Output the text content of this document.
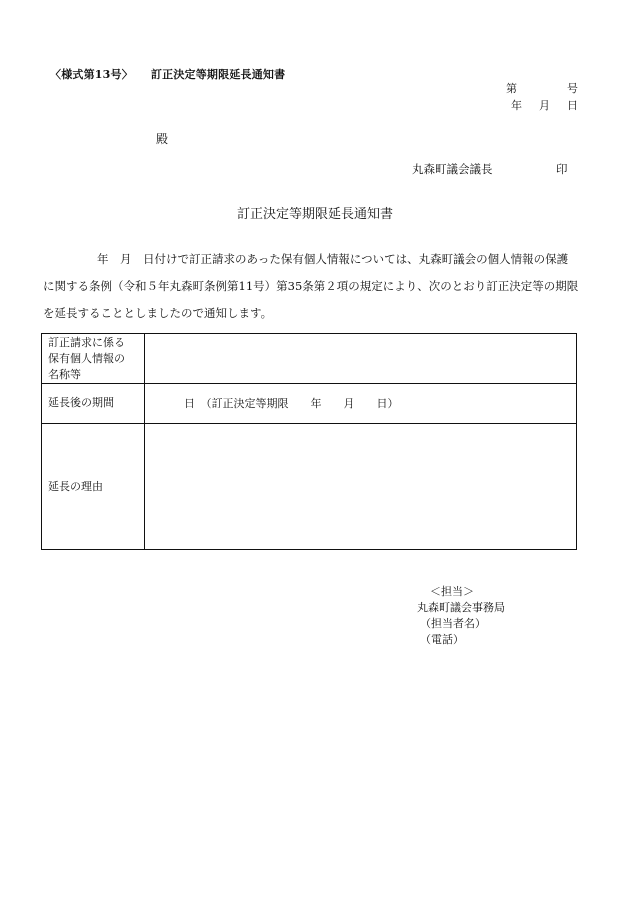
〈様式第13号〉 訂正決定等期限延長通知書
第	号
年 月 日
殿
丸森町議会議長	印
訂正決定等期限延長通知書
年　月　日付けで訂正請求のあった保有個人情報については、丸森町議会の個人情報の保護に関する条例（令和５年丸森町条例第11号）第35条第２項の規定により、次のとおり訂正決定等の期限を延長することとしましたので通知します。
訂正請求に係る
保有個人情報の
名称等
延長後の期間	日　（訂正決定等期限　　年　　月　　日）
延長の理由
＜担当＞
丸森町議会事務局
（担当者名）
（電話）
